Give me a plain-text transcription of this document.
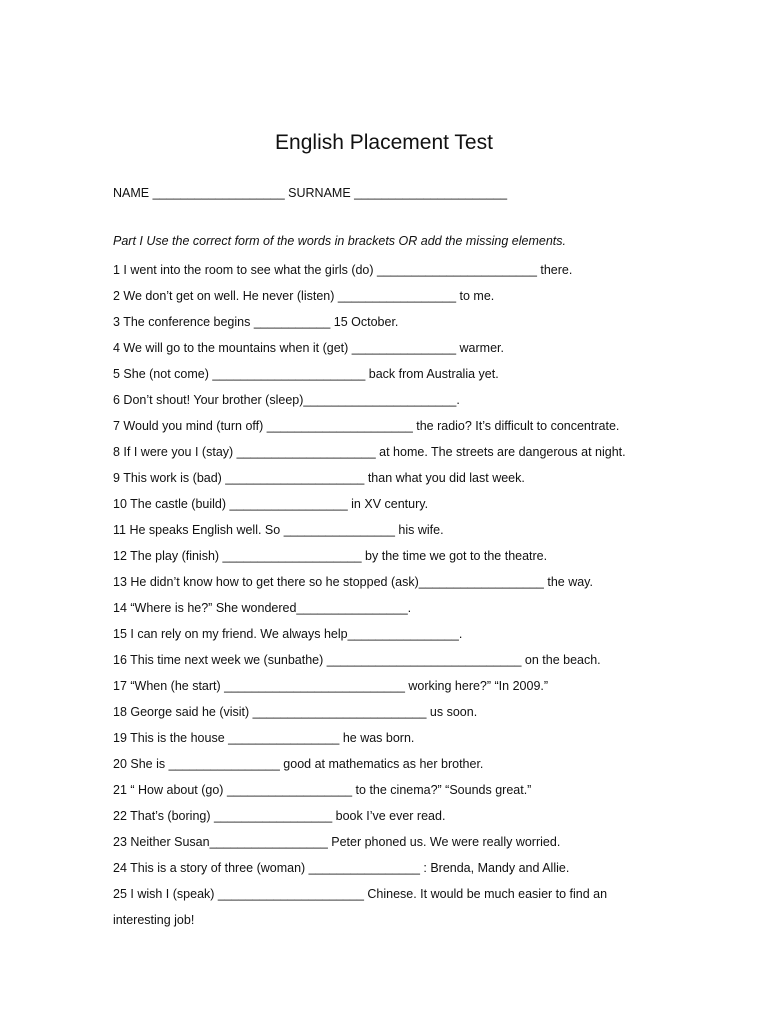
English Placement Test
NAME ___________________ SURNAME ______________________
Part I Use the correct form of the words in brackets OR add the missing elements.
1 I went into the room to see what the girls (do) _______________________ there.
2 We don’t get on well. He never (listen) _________________ to me.
3 The conference begins ___________ 15 October.
4 We will go to the mountains when it (get) _______________ warmer.
5 She (not come) ______________________ back from Australia yet.
6 Don’t shout! Your brother (sleep)______________________.
7 Would you mind (turn off) _____________________ the radio? It’s difficult to concentrate.
8 If I were you I (stay) ____________________ at home. The streets are dangerous at night.
9 This work is (bad) ____________________ than what you did last week.
10 The castle (build) _________________ in XV century.
11 He speaks English well. So ________________ his wife.
12 The play (finish) ____________________ by the time we got to the theatre.
13 He didn’t know how to get there so he stopped (ask)__________________ the way.
14 “Where is he?” She wondered________________.
15 I can rely on my friend. We always help________________.
16 This time next week we (sunbathe) ____________________________ on the beach.
17 “When (he start) __________________________ working here?” “In 2009.”
18 George said he (visit) _________________________ us soon.
19 This is the house ________________ he was born.
20 She is ________________ good at mathematics as her brother.
21 “ How about (go) __________________ to the cinema?” “Sounds great.”
22 That’s (boring) _________________ book I’ve ever read.
23 Neither Susan_________________ Peter phoned us. We were really worried.
24 This is a story of three (woman) ________________ : Brenda, Mandy and Allie.
25 I wish I (speak) _____________________ Chinese. It would be much easier to find an interesting job!
